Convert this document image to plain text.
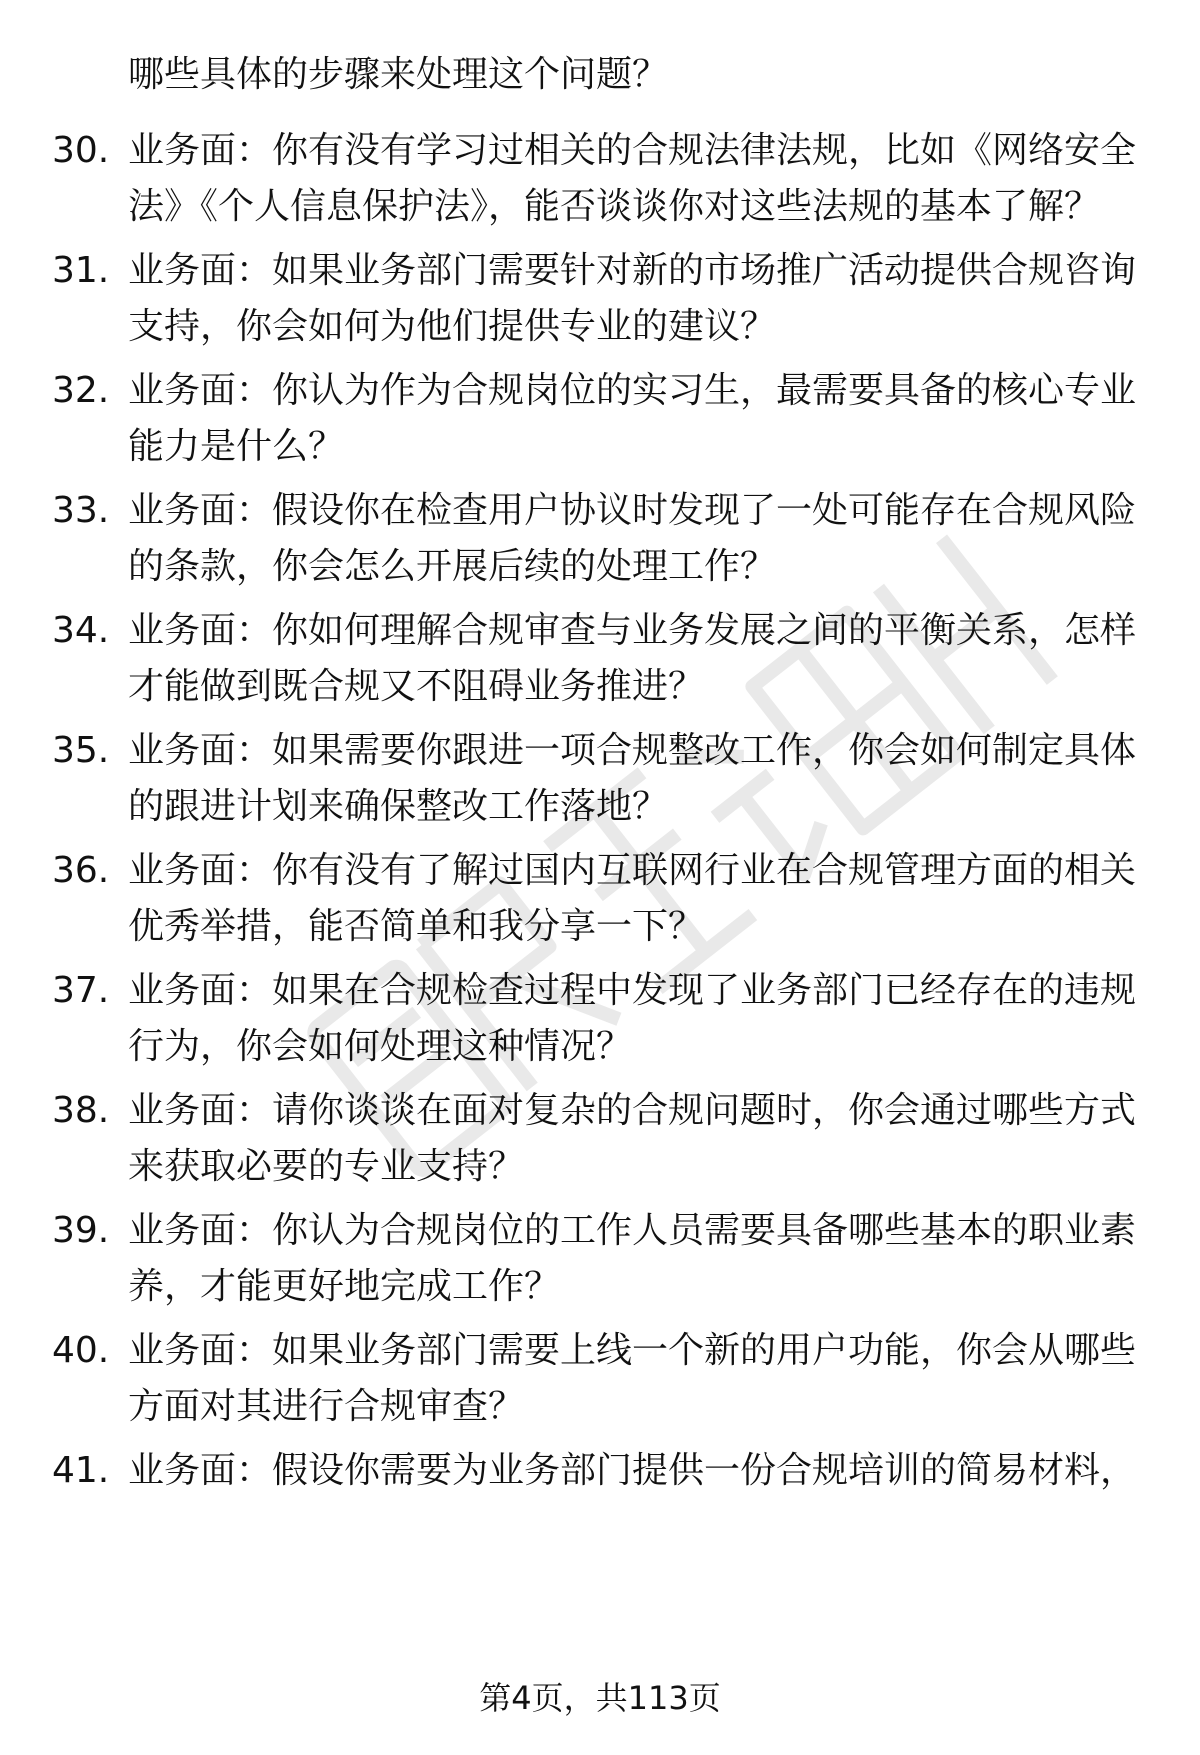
哪些具体的步骤来处理这个问题？
30. 业务面：你有没有学习过相关的合规法律法规，比如《网络安全
法》《个人信息保护法》，能否谈谈你对这些法规的基本了解？
31. 业务面：如果业务部门需要针对新的市场推广活动提供合规咨询
支持，你会如何为他们提供专业的建议？
32. 业务面：你认为作为合规岗位的实习生，最需要具备的核心专业
能力是什么？
33. 业务面：假设你在检查用户协议时发现了一处可能存在合规风险
的条款，你会怎么开展后续的处理工作？
34. 业务面：你如何理解合规审查与业务发展之间的平衡关系，怎样
才能做到既合规又不阻碍业务推进？
35. 业务面：如果需要你跟进一项合规整改工作，你会如何制定具体
的跟进计划来确保整改工作落地？
36. 业务面：你有没有了解过国内互联网行业在合规管理方面的相关
优秀举措，能否简单和我分享一下？
37. 业务面：如果在合规检查过程中发现了业务部门已经存在的违规
行为，你会如何处理这种情况？
38. 业务面：请你谈谈在面对复杂的合规问题时，你会通过哪些方式
来获取必要的专业支持？
39. 业务面：你认为合规岗位的工作人员需要具备哪些基本的职业素
养，才能更好地完成工作？
40. 业务面：如果业务部门需要上线一个新的用户功能，你会从哪些
方面对其进行合规审查？
41. 业务面：假设你需要为业务部门提供一份合规培训的简易材料，
第4页，共113页
